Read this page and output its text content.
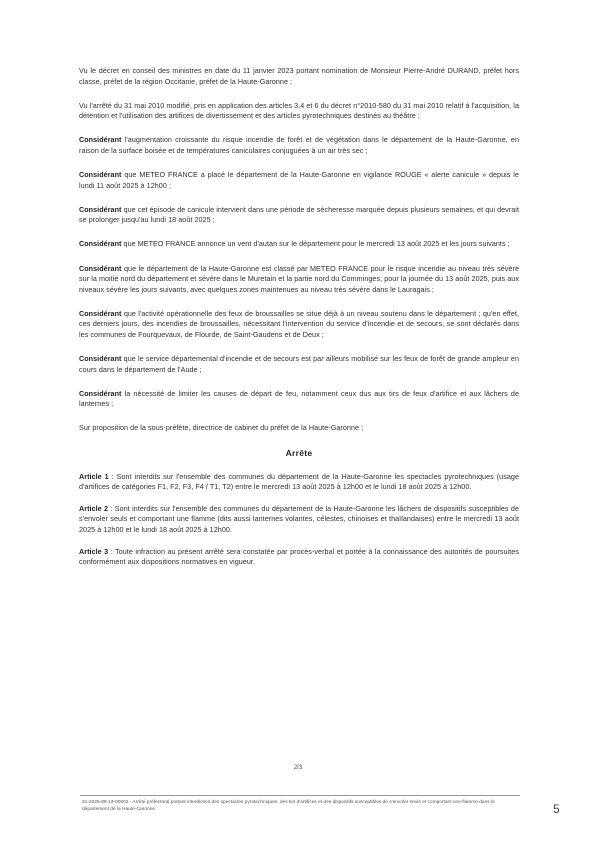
Vu le décret en conseil des ministres en date du 11 janvier 2023 portant nomination de Monsieur Pierre-André DURAND, préfet hors classe, préfet de la région Occitanie, préfet de la Haute-Garonne ;

Vu l'arrêté du 31 mai 2010 modifié, pris en application des articles 3,4 et 6 du décret n°2010-580 du 31 mai 2010 relatif à l'acquisition, la détention et l'utilisation des artifices de divertissement et des articles pyrotechniques destinés au théâtre ;

Considérant l'augmentation croissante du risque incendie de forêt et de végétation dans le département de la Haute-Garonne, en raison de la surface boisée et de températures caniculaires conjuguées à un air très sec ;

Considérant que METEO FRANCE a placé le département de la Haute-Garonne en vigilance ROUGE « alerte canicule » depuis le lundi 11 août 2025 à 12h00 ;

Considérant que cet épisode de canicule intervient dans une période de sécheresse marquée depuis plusieurs semaines, et qui devrait se prolonger jusqu'au lundi 18 août 2025 ;

Considérant que METEO FRANCE annonce un vent d'autan sur le département pour le mercredi 13 août 2025 et les jours suivants ;

Considérant que le département de la Haute-Garonne est classé par METEO FRANCE pour le risque incendie au niveau très sévère sur la moitié nord du département et sévère dans le Muretain et la partie nord du Comminges, pour la journée du 13 août 2025, puis aux niveaux sévère les jours suivants, avec quelques zones maintenues au niveau très sévère dans le Lauragais ;

Considérant que l'activité opérationnelle des feux de broussailles se situe déjà à un niveau soutenu dans le département ; qu'en effet, ces derniers jours, des incendies de broussailles, nécessitant l'intervention du service d'incendie et de secours, se sont déclarés dans les communes de Fourquevaux, de Flourde, de Saint-Gaudens et de Deux ;

Considérant que le service départemental d'incendie et de secours est par ailleurs mobilisé sur les feux de forêt de grande ampleur en cours dans le département de l'Aude ;

Considérant la nécessité de limiter les causes de départ de feu, notamment ceux dus aux tirs de feux d'artifice et aux lâchers de lanternes ;

Sur proposition de la sous-préfète, directrice de cabinet du préfet de la Haute-Garonne ;

Arrête

Article 1 : Sont interdits sur l'ensemble des communes du département de la Haute-Garonne les spectacles pyrotechniques (usage d'artifices de catégories F1, F2, F3, F4 / T1, T2) entre le mercredi 13 août 2025 à 12h00 et le lundi 18 août 2025 à 12h00.

Article 2 : Sont interdits sur l'ensemble des communes du département de la Haute-Garonne les lâchers de dispositifs susceptibles de s'envoler seuls et comportant une flamme (dits aussi lanternes volantes, célestes, chinoises et thaïlandaises) entre le mercredi 13 août 2025 à 12h00 et le lundi 18 août 2025 à 12h00.

Article 3 : Toute infraction au présent arrêté sera constatée par procès-verbal et portée à la connaissance des autorités de poursuites conformément aux dispositions normatives en vigueur.

2/3
31-2025-08-13-00002 - Arrêté préfectoral portant interdiction des spectacles pyrotechniques, des tirs d'artifices et des dispositifs susceptibles de s'envoler seuls et comportant une flamme dans le département de la Haute-Garonne	5
